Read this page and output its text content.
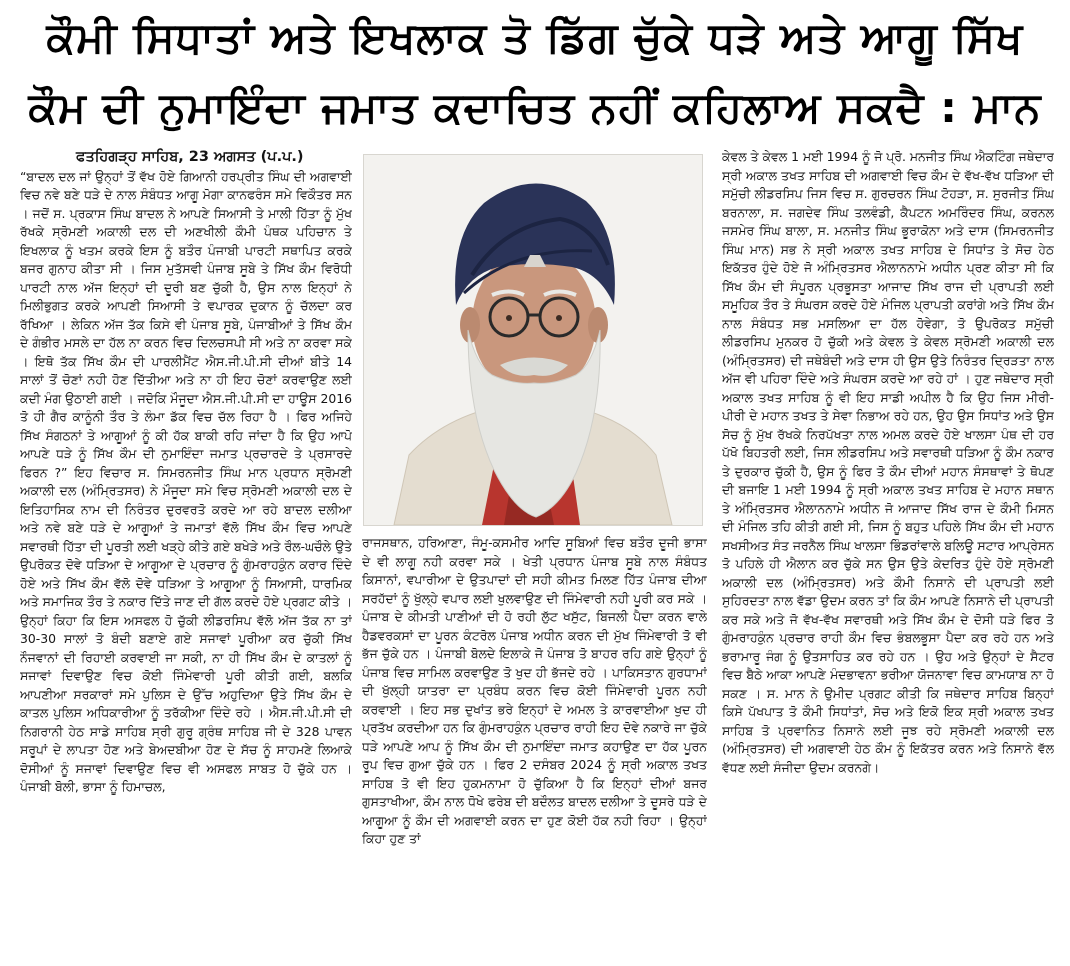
ਕੌਮੀ ਸਿਧਾਤਾਂ ਅਤੇ ਇਖਲਾਕ ਤੋ ਡਿੱਗ ਚੁੱਕੇ ਧੜੇ ਅਤੇ ਆਗੂ ਸਿੱਖ
ਕੌਮ ਦੀ ਨੁਮਾਇੰਦਾ ਜਮਾਤ ਕਦਾਚਿਤ ਨਹੀਂ ਕਹਿਲਾਅ ਸਕਦੈ : ਮਾਨ
ਫਤਹਿਗੜ੍ਹ ਸਾਹਿਬ, 23 ਅਗਸਤ (ਪ.ਪ.)

“ਬਾਦਲ ਦਲ ਜਾਂ ਉਨ੍ਹਾਂ ਤੋਂ ਵੱਖ ਹੋਏ ਗਿਆਨੀ ਹਰਪ੍ਰੀਤ ਸਿੰਘ ਦੀ ਅਗਵਾਈ ਵਿਚ ਨਵੇ ਬਣੇ ਧੜੇ ਦੇ ਨਾਲ ਸੰਬੰਧਤ ਆਗੂ ਮੋਗਾ ਕਾਨਫਰੰਸ ਸਮੇ ਵਿਕੌਤਰ ਸਨ । ਜਦੋਂ ਸ. ਪ੍ਰਕਾਸ ਸਿੰਘ ਬਾਦਲ ਨੇ ਆਪਣੇ ਸਿਆਸੀ ਤੇ ਮਾਲੀ ਹਿੱਤਾ ਨੂੰ ਮੁੱਖ ਰੱਖਕੇ ਸ੍ਰੋਮਣੀ ਅਕਾਲੀ ਦਲ ਦੀ ਅਣਖੀਲੀ ਕੌਮੀ ਪੰਥਕ ਪਹਿਚਾਨ ਤੇ ਇਖਲਾਕ ਨੂੰ ਖਤਮ ਕਰਕੇ ਇਸ ਨੂੰ ਬਤੌਰ ਪੰਜਾਬੀ ਪਾਰਟੀ ਸਥਾਪਿਤ ਕਰਕੇ ਬਜਰ ਗੁਨਾਹ ਕੀਤਾ ਸੀ । ਜਿਸ ਮੁਤੱਸਵੀ ਪੰਜਾਬ ਸੂਬੇ ਤੇ ਸਿੱਖ ਕੌਮ ਵਿਰੋਧੀ ਪਾਰਟੀ ਨਾਲ ਅੱਜ ਇਨ੍ਹਾਂ ਦੀ ਦੂਰੀ ਬਣ ਚੁੱਕੀ ਹੈ, ਉਸ ਨਾਲ ਇਨ੍ਹਾਂ ਨੇ ਮਿਲੀਭੁਗਤ ਕਰਕੇ ਆਪਣੀ ਸਿਆਸੀ ਤੇ ਵਪਾਰਕ ਦੁਕਾਨ ਨੂੰ ਚੱਲਦਾ ਕਰ ਰੱਖਿਆ । ਲੇਕਿਨ ਅੱਜ ਤੱਕ ਕਿਸੇ ਵੀ ਪੰਜਾਬ ਸੂਬੇ, ਪੰਜਾਬੀਆਂ ਤੇ ਸਿੱਖ ਕੌਮ ਦੇ ਗੰਭੀਰ ਮਸਲੇ ਦਾ ਹੱਲ ਨਾ ਕਰਨ ਵਿਚ ਦਿਲਚਸਪੀ ਸੀ ਅਤੇ ਨਾ ਕਰਵਾ ਸਕੇ । ਇਥੋ ਤੱਕ ਸਿੱਖ ਕੌਮ ਦੀ ਪਾਰਲੀਮੈਂਟ ਐਸ.ਜੀ.ਪੀ.ਸੀ ਦੀਆਂ ਬੀਤੇ 14 ਸਾਲਾਂ ਤੋਂ ਚੋਣਾਂ ਨਹੀ ਹੋਣ ਦਿੱਤੀਆ ਅਤੇ ਨਾ ਹੀ ਇਹ ਚੋਣਾਂ ਕਰਵਾਉਣ ਲਈ ਕਦੀ ਮੰਗ ਉਠਾਈ ਗਈ । ਜਦੋਕਿ ਮੌਜੂਦਾ ਐਸ.ਜੀ.ਪੀ.ਸੀ ਦਾ ਹਾਊਸ 2016 ਤੋ ਹੀ ਗੈਰ ਕਾਨੂੰਨੀ ਤੌਰ ਤੇ ਲੰਮਾ ਡੱਕ ਵਿਚ ਚੱਲ ਰਿਹਾ ਹੈ । ਫਿਰ ਅਜਿਹੇ ਸਿੱਖ ਸੰਗਠਨਾਂ ਤੇ ਆਗੂਆਂ ਨੂੰ ਕੀ ਹੱਕ ਬਾਕੀ ਰਹਿ ਜਾਂਦਾ ਹੈ ਕਿ ਉਹ ਆਪੋ ਆਪਣੇ ਧੜੇ ਨੂੰ ਸਿੱਖ ਕੌਮ ਦੀ ਨੁਮਾਇੰਦਾ ਜਮਾਤ ਪ੍ਰਚਾਰਦੇ ਤੇ ਪ੍ਰਸਾਰਦੇ ਫਿਰਨ ?” ਇਹ ਵਿਚਾਰ ਸ. ਸਿਮਰਨਜੀਤ ਸਿੰਘ ਮਾਨ ਪ੍ਰਧਾਨ ਸ੍ਰੋਮਣੀ ਅਕਾਲੀ ਦਲ (ਅੰਮ੍ਰਿਤਸਰ) ਨੇ ਮੌਜੂਦਾ ਸਮੇ ਵਿਚ ਸ੍ਰੋਮਣੀ ਅਕਾਲੀ ਦਲ ਦੇ ਇਤਿਹਾਸਿਕ ਨਾਮ ਦੀ ਨਿਰੰਤਰ ਦੁਰਵਰਤੋ ਕਰਦੇ ਆ ਰਹੇ ਬਾਦਲ ਦਲੀਆ ਅਤੇ ਨਵੇ ਬਣੇ ਧੜੇ ਦੇ ਆਗੂਆਂ ਤੇ ਜਮਾਤਾਂ ਵੱਲੋ ਸਿੱਖ ਕੌਮ ਵਿਚ ਆਪਣੇ ਸਵਾਰਥੀ ਹਿੱਤਾ ਦੀ ਪੂਰਤੀ ਲਈ ਖੜ੍ਹੇ ਕੀਤੇ ਗਏ ਬਖੇੜੇ ਅਤੇ ਰੌਲ-ਘਚੌਲੇ ਉਤੇ ਉਪਰੋਕਤ ਦੋਵੇ ਧੜਿਆ ਦੇ ਆਗੂਆ ਦੇ ਪ੍ਰਚਾਰ ਨੂੰ ਗੁੰਮਰਾਹਕੁੰਨ ਕਰਾਰ ਦਿੰਦੇ ਹੋਏ ਅਤੇ ਸਿੱਖ ਕੌਮ ਵੱਲੋ ਦੋਵੇ ਧੜਿਆ ਤੇ ਆਗੂਆ ਨੂੰ ਸਿਆਸੀ, ਧਾਰਮਿਕ ਅਤੇ ਸਮਾਜਿਕ ਤੌਰ ਤੇ ਨਕਾਰ ਦਿੱਤੇ ਜਾਣ ਦੀ ਗੱਲ ਕਰਦੇ ਹੋਏ ਪ੍ਰਗਟ ਕੀਤੇ । ਉਨ੍ਹਾਂ ਕਿਹਾ ਕਿ ਇਸ ਅਸਫਲ ਹੋ ਚੁੱਕੀ ਲੀਡਰਸਿਪ ਵੱਲੋ ਅੱਜ ਤੱਕ ਨਾ ਤਾਂ 30-30 ਸਾਲਾਂ ਤੋ ਬੰਦੀ ਬਣਾਏ ਗਏ ਸਜਾਵਾਂ ਪੂਰੀਆ ਕਰ ਚੁੱਕੀ ਸਿੱਖ ਨੌਜਵਾਨਾਂ ਦੀ ਰਿਹਾਈ ਕਰਵਾਈ ਜਾ ਸਕੀ, ਨਾ ਹੀ ਸਿੱਖ ਕੌਮ ਦੇ ਕਾਤਲਾਂ ਨੂੰ ਸਜਾਵਾਂ ਦਿਵਾਉਣ ਵਿਚ ਕੋਈ ਜਿੰਮੇਵਾਰੀ ਪੂਰੀ ਕੀਤੀ ਗਈ, ਬਲਕਿ ਆਪਣੀਆ ਸਰਕਾਰਾਂ ਸਮੇ ਪੁਲਿਸ ਦੇ ਉੱਚ ਅਹੁਦਿਆ ਉਤੇ ਸਿੱਖ ਕੌਮ ਦੇ ਕਾਤਲ ਪੁਲਿਸ ਅਧਿਕਾਰੀਆ ਨੂੰ ਤਰੱਕੀਆ ਦਿੰਦੇ ਰਹੇ । ਐਸ.ਜੀ.ਪੀ.ਸੀ ਦੀ ਨਿਗਰਾਨੀ ਹੇਠ ਸਾਡੇ ਸਾਹਿਬ ਸ੍ਰੀ ਗੁਰੂ ਗ੍ਰੰਥ ਸਾਹਿਬ ਜੀ ਦੇ 328 ਪਾਵਨ ਸਰੂਪਾਂ ਦੇ ਲਾਪਤਾ ਹੋਣ ਅਤੇ ਬੇਅਦਬੀਆ ਹੋਣ ਦੇ ਸੱਚ ਨੂੰ ਸਾਹਮਣੇ ਲਿਆਕੇ ਦੋਸੀਆਂ ਨੂੰ ਸਜਾਵਾਂ ਦਿਵਾਉਣ ਵਿਚ ਵੀ ਅਸਫਲ ਸਾਬਤ ਹੋ ਚੁੱਕੇ ਹਨ । ਪੰਜਾਬੀ ਬੋਲੀ, ਭਾਸਾ ਨੂੰ ਹਿਮਾਚਲ,

ਰਾਜਸਥਾਨ, ਹਰਿਆਣਾ, ਜੰਮੂ-ਕਸਮੀਰ ਆਦਿ ਸੂਬਿਆਂ ਵਿਚ ਬਤੌਰ ਦੂਜੀ ਭਾਸਾ ਦੇ ਵੀ ਲਾਗੂ ਨਹੀ ਕਰਵਾ ਸਕੇ । ਖੇਤੀ ਪ੍ਰਧਾਨ ਪੰਜਾਬ ਸੂਬੇ ਨਾਲ ਸੰਬੰਧਤ ਕਿਸਾਨਾਂ, ਵਪਾਰੀਆ ਦੇ ਉਤਪਾਦਾਂ ਦੀ ਸਹੀ ਕੀਮਤ ਮਿਲਣ ਹਿੱਤ ਪੰਜਾਬ ਦੀਆ ਸਰਹੱਦਾਂ ਨੂੰ ਖੁੱਲ੍ਹੇ ਵਪਾਰ ਲਈ ਖੁਲਵਾਉਣ ਦੀ ਜਿੰਮੇਵਾਰੀ ਨਹੀ ਪੂਰੀ ਕਰ ਸਕੇ । ਪੰਜਾਬ ਦੇ ਕੀਮਤੀ ਪਾਣੀਆਂ ਦੀ ਹੋ ਰਹੀ ਲੁੱਟ ਖਸੁੱਟ, ਬਿਜਲੀ ਪੈਦਾ ਕਰਨ ਵਾਲੇ ਹੈਡਵਰਕਸਾਂ ਦਾ ਪੂਰਨ ਕੰਟਰੋਲ ਪੰਜਾਬ ਅਧੀਨ ਕਰਨ ਦੀ ਮੁੱਖ ਜਿੰਮੇਵਾਰੀ ਤੋ ਵੀ ਭੱਜ ਚੁੱਕੇ ਹਨ । ਪੰਜਾਬੀ ਬੋਲਦੇ ਇਲਾਕੇ ਜੋ ਪੰਜਾਬ ਤੋ ਬਾਹਰ ਰਹਿ ਗਏ ਉਨ੍ਹਾਂ ਨੂੰ ਪੰਜਾਬ ਵਿਚ ਸਾਮਿਲ ਕਰਵਾਉਣ ਤੋ ਖੁਦ ਹੀ ਭੱਜਦੇ ਰਹੇ । ਪਾਕਿਸਤਾਨ ਗੁਰਧਾਮਾਂ ਦੀ ਖੁੱਲ੍ਹੀ ਯਾਤਰਾ ਦਾ ਪ੍ਰਬੰਧ ਕਰਨ ਵਿਚ ਕੋਈ ਜਿੰਮੇਵਾਰੀ ਪੂਰਨ ਨਹੀ ਕਰਵਾਈ । ਇਹ ਸਭ ਦੁਖਾਂਤ ਭਰੇ ਇਨ੍ਹਾਂ ਦੇ ਅਮਲ ਤੇ ਕਾਰਵਾਈਆ ਖੁਦ ਹੀ ਪ੍ਰਤੱਖ ਕਰਦੀਆ ਹਨ ਕਿ ਗੁੰਮਰਾਹਕੁੰਨ ਪ੍ਰਚਾਰ ਰਾਹੀ ਇਹ ਦੋਵੇ ਨਕਾਰੇ ਜਾ ਚੁੱਕੇ ਧੜੇ ਆਪਣੇ ਆਪ ਨੂੰ ਸਿੱਖ ਕੌਮ ਦੀ ਨੁਮਾਇੰਦਾ ਜਮਾਤ ਕਹਾਉਣ ਦਾ ਹੱਕ ਪੂਰਨ ਰੂਪ ਵਿਚ ਗੁਆ ਚੁੱਕੇ ਹਨ । ਫਿਰ 2 ਦਸੰਬਰ 2024 ਨੂੰ ਸ੍ਰੀ ਅਕਾਲ ਤਖਤ ਸਾਹਿਬ ਤੋ ਵੀ ਇਹ ਹੁਕਮਨਾਮਾ ਹੋ ਚੁੱਕਿਆ ਹੈ ਕਿ ਇਨ੍ਹਾਂ ਦੀਆਂ ਬਜਰ ਗੁਸਤਾਖੀਆ, ਕੌਮ ਨਾਲ ਧੋਖੇ ਫਰੇਬ ਦੀ ਬਦੌਲਤ ਬਾਦਲ ਦਲੀਆ ਤੇ ਦੂਸਰੇ ਧੜੇ ਦੇ ਆਗੂਆ ਨੂੰ ਕੌਮ ਦੀ ਅਗਵਾਈ ਕਰਨ ਦਾ ਹੁਣ ਕੋਈ ਹੱਕ ਨਹੀ ਰਿਹਾ । ਉਨ੍ਹਾਂ ਕਿਹਾ ਹੁਣ ਤਾਂ

ਕੇਵਲ ਤੇ ਕੇਵਲ 1 ਮਈ 1994 ਨੂੰ ਜੋ ਪ੍ਰੋ. ਮਨਜੀਤ ਸਿੰਘ ਐਕਟਿੰਗ ਜਥੇਦਾਰ ਸ੍ਰੀ ਅਕਾਲ ਤਖਤ ਸਾਹਿਬ ਦੀ ਅਗਵਾਈ ਵਿਚ ਕੌਮ ਦੇ ਵੱਖ-ਵੱਖ ਧੜਿਆ ਦੀ ਸਮੁੱਚੀ ਲੀਡਰਸਿਪ ਜਿਸ ਵਿਚ ਸ. ਗੁਰਚਰਨ ਸਿੰਘ ਟੋਹੜਾ, ਸ. ਸੁਰਜੀਤ ਸਿੰਘ ਬਰਨਾਲਾ, ਸ. ਜਗਦੇਵ ਸਿੰਘ ਤਲਵੰਡੀ, ਕੈਪਟਨ ਅਮਰਿੰਦਰ ਸਿੰਘ, ਕਰਨਲ ਜਸਮੇਰ ਸਿੰਘ ਬਾਲਾ, ਸ. ਮਨਜੀਤ ਸਿੰਘ ਭੂਰਾਕੋਨਾ ਅਤੇ ਦਾਸ (ਸਿਮਰਨਜੀਤ ਸਿੰਘ ਮਾਨ) ਸਭ ਨੇ ਸ੍ਰੀ ਅਕਾਲ ਤਖਤ ਸਾਹਿਬ ਦੇ ਸਿਧਾਂਤ ਤੇ ਸੋਚ ਹੇਠ ਇਕੱਤਰ ਹੁੰਦੇ ਹੋਏ ਜੋ ਅੰਮ੍ਰਿਤਸਰ ਐਲਾਨਨਾਮੇ ਅਧੀਨ ਪ੍ਰਣ ਕੀਤਾ ਸੀ ਕਿ ਸਿੱਖ ਕੌਮ ਦੀ ਸੰਪੂਰਨ ਪ੍ਰਭੂਸਤਾ ਆਜਾਦ ਸਿੱਖ ਰਾਜ ਦੀ ਪ੍ਰਾਪਤੀ ਲਈ ਸਮੂਹਿਕ ਤੌਰ ਤੇ ਸੰਘਰਸ ਕਰਦੇ ਹੋਏ ਮੰਜਿਲ ਪ੍ਰਾਪਤੀ ਕਰਾਂਗੇ ਅਤੇ ਸਿੱਖ ਕੌਮ ਨਾਲ ਸੰਬੰਧਤ ਸਭ ਮਸਲਿਆ ਦਾ ਹੱਲ ਹੋਵੇਗਾ, ਤੋ ਉਪਰੋਕਤ ਸਮੁੱਚੀ ਲੀਡਰਸਿਪ ਮੁਨਕਰ ਹੋ ਚੁੱਕੀ ਅਤੇ ਕੇਵਲ ਤੇ ਕੇਵਲ ਸ੍ਰੋਮਣੀ ਅਕਾਲੀ ਦਲ (ਅੰਮ੍ਰਿਤਸਰ) ਦੀ ਜਥੇਬੰਦੀ ਅਤੇ ਦਾਸ ਹੀ ਉਸ ਉਤੇ ਨਿਰੰਤਰ ਦ੍ਰਿੜਤਾ ਨਾਲ ਅੱਜ ਵੀ ਪਹਿਰਾ ਦਿੰਦੇ ਅਤੇ ਸੰਘਰਸ ਕਰਦੇ ਆ ਰਹੇ ਹਾਂ । ਹੁਣ ਜਥੇਦਾਰ ਸ੍ਰੀ ਅਕਾਲ ਤਖਤ ਸਾਹਿਬ ਨੂੰ ਵੀ ਇਹ ਸਾਡੀ ਅਪੀਲ ਹੈ ਕਿ ਉਹ ਜਿਸ ਮੀਰੀ-ਪੀਰੀ ਦੇ ਮਹਾਨ ਤਖਤ ਤੇ ਸੇਵਾ ਨਿਭਾਅ ਰਹੇ ਹਨ, ਉਹ ਉਸ ਸਿਧਾਂਤ ਅਤੇ ਉਸ ਸੋਚ ਨੂੰ ਮੁੱਖ ਰੱਖਕੇ ਨਿਰਪੱਖਤਾ ਨਾਲ ਅਮਲ ਕਰਦੇ ਹੋਏ ਖਾਲਸਾ ਪੰਥ ਦੀ ਹਰ ਪੱਖੋ ਬਿਹਤਰੀ ਲਈ, ਜਿਸ ਲੀਡਰਸਿਪ ਅਤੇ ਸਵਾਰਥੀ ਧੜਿਆ ਨੂੰ ਕੌਮ ਨਕਾਰ ਤੇ ਦੁਰਕਾਰ ਚੁੱਕੀ ਹੈ, ਉਸ ਨੂੰ ਫਿਰ ਤੋ ਕੌਮ ਦੀਆਂ ਮਹਾਨ ਸੰਸਥਾਵਾਂ ਤੇ ਥੋਪਣ ਦੀ ਬਜਾਇ 1 ਮਈ 1994 ਨੂੰ ਸ੍ਰੀ ਅਕਾਲ ਤਖਤ ਸਾਹਿਬ ਦੇ ਮਹਾਨ ਸਥਾਨ ਤੇ ਅੰਮ੍ਰਿਤਸਰ ਐਲਾਨਨਾਮੇ ਅਧੀਨ ਜੋ ਆਜਾਦ ਸਿੱਖ ਰਾਜ ਦੇ ਕੌਮੀ ਮਿਸਨ ਦੀ ਮੰਜਿਲ ਤਹਿ ਕੀਤੀ ਗਈ ਸੀ, ਜਿਸ ਨੂੰ ਬਹੁਤ ਪਹਿਲੇ ਸਿੱਖ ਕੌਮ ਦੀ ਮਹਾਨ ਸਖਸੀਅਤ ਸੰਤ ਜਰਨੈਲ ਸਿੰਘ ਖਾਲਸਾ ਭਿੰਡਰਾਂਵਾਲੇ ਬਲਿਊ ਸਟਾਰ ਆਪ੍ਰੇਸਨ ਤੋ ਪਹਿਲੇ ਹੀ ਐਲਾਨ ਕਰ ਚੁੱਕੇ ਸਨ ਉਸ ਉਤੇ ਕੇਦਰਿਤ ਹੁੰਦੇ ਹੋਏ ਸ੍ਰੋਮਣੀ ਅਕਾਲੀ ਦਲ (ਅੰਮ੍ਰਿਤਸਰ) ਅਤੇ ਕੌਮੀ ਨਿਸਾਨੇ ਦੀ ਪ੍ਰਾਪਤੀ ਲਈ ਸੁਹਿਰਦਤਾ ਨਾਲ ਵੱਡਾ ਉਦਮ ਕਰਨ ਤਾਂ ਕਿ ਕੌਮ ਆਪਣੇ ਨਿਸਾਨੇ ਦੀ ਪ੍ਰਾਪਤੀ ਕਰ ਸਕੇ ਅਤੇ ਜੋ ਵੱਖ-ਵੱਖ ਸਵਾਰਥੀ ਅਤੇ ਸਿੱਖ ਕੌਮ ਦੇ ਦੋਸੀ ਧੜੇ ਫਿਰ ਤੋ ਗੁੰਮਰਾਹਕੁੰਨ ਪ੍ਰਚਾਰ ਰਾਹੀ ਕੌਮ ਵਿਚ ਭੰਬਲਭੂਸਾ ਪੈਦਾ ਕਰ ਰਹੇ ਹਨ ਅਤੇ ਭਰਾਮਾਰੂ ਜੰਗ ਨੂੰ ਉਤਸਾਹਿਤ ਕਰ ਰਹੇ ਹਨ । ਉਹ ਅਤੇ ਉਨ੍ਹਾਂ ਦੇ ਸੈਟਰ ਵਿਚ ਬੈਠੇ ਆਕਾ ਆਪਣੇ ਮੰਦਭਾਵਨਾ ਭਰੀਆ ਯੋਜਨਾਵਾ ਵਿਚ ਕਾਮਯਾਬ ਨਾ ਹੋ ਸਕਣ । ਸ. ਮਾਨ ਨੇ ਉਮੀਦ ਪ੍ਰਗਟ ਕੀਤੀ ਕਿ ਜਥੇਦਾਰ ਸਾਹਿਬ ਬਿਨ੍ਹਾਂ ਕਿਸੇ ਪੱਖਪਾਤ ਤੋ ਕੌਮੀ ਸਿਧਾਂਤਾਂ, ਸੋਚ ਅਤੇ ਇਕੋ ਇਕ ਸ੍ਰੀ ਅਕਾਲ ਤਖਤ ਸਾਹਿਬ ਤੋ ਪ੍ਰਵਾਨਿਤ ਨਿਸਾਨੇ ਲਈ ਜੂਝ ਰਹੇ ਸ੍ਰੋਮਣੀ ਅਕਾਲੀ ਦਲ (ਅੰਮ੍ਰਿਤਸਰ) ਦੀ ਅਗਵਾਈ ਹੇਠ ਕੌਮ ਨੂੰ ਇਕੱਤਰ ਕਰਨ ਅਤੇ ਨਿਸਾਨੇ ਵੱਲ ਵੱਧਣ ਲਈ ਸੰਜੀਦਾ ਉਦਮ ਕਰਨਗੇ।
